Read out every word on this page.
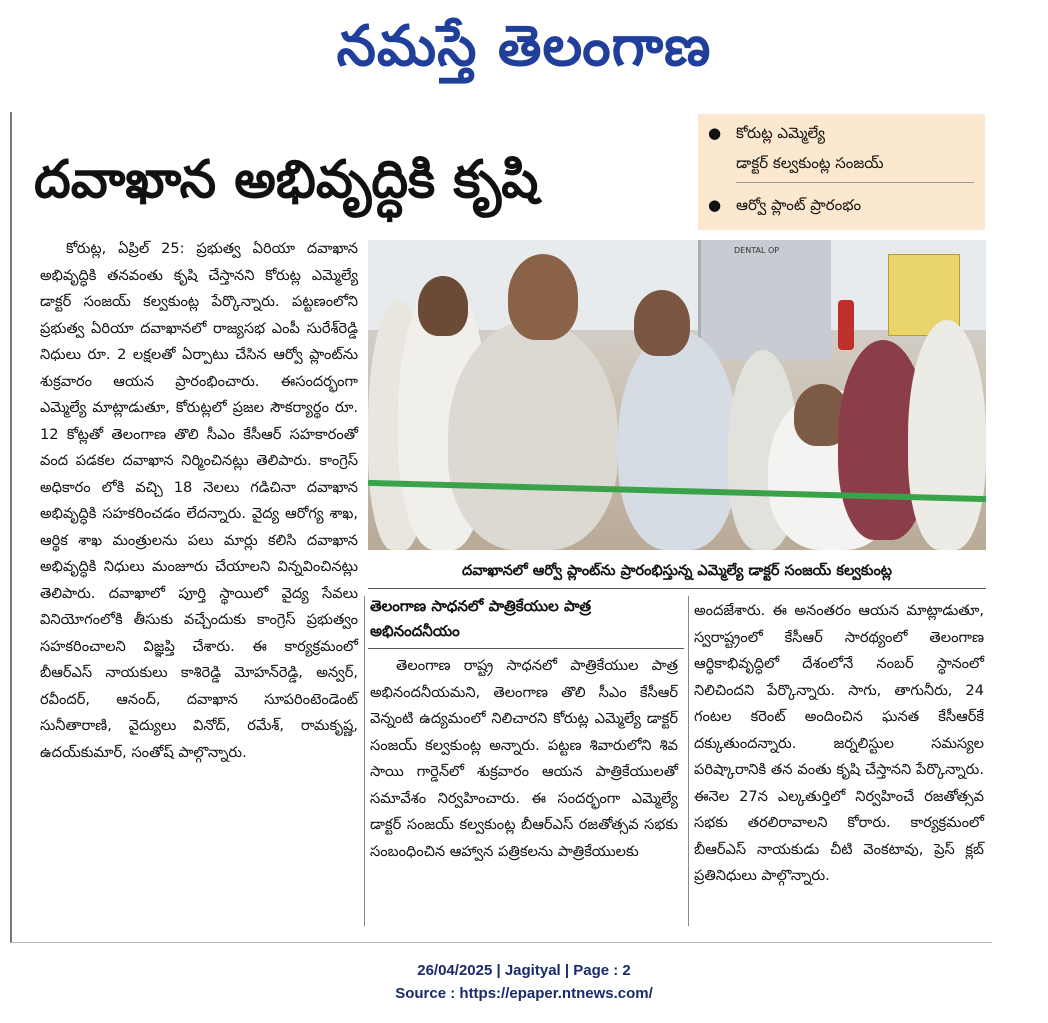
నమస్తే తెలంగాణ
దవాఖాన అభివృద్ధికి కృషి
● కోరుట్ల ఎమ్మెల్యే
డాక్టర్ కల్వకుంట్ల సంజయ్
● ఆర్వో ప్లాంట్ ప్రారంభం

కోరుట్ల, ఏప్రిల్ 25: ప్రభుత్వ ఏరియా దవాఖాన అభివృద్ధికి తనవంతు కృషి చేస్తానని కోరుట్ల ఎమ్మెల్యే డాక్టర్ సంజయ్ కల్వకుంట్ల పేర్కొన్నారు. పట్టణంలోని ప్రభుత్వ ఏరియా దవాఖానలో రాజ్యసభ ఎంపీ సురేశ్‌రెడ్డి నిధులు రూ. 2 లక్షలతో ఏర్పాటు చేసిన ఆర్వో ప్లాంట్‌ను శుక్రవారం ఆయన ప్రారంభించారు. ఈసందర్భంగా ఎమ్మెల్యే మాట్లాడుతూ, కోరుట్లలో ప్రజల సౌకర్యార్థం రూ. 12 కోట్లతో తెలంగాణ తొలి సీఎం కేసీఆర్ సహకారంతో వంద పడకల దవాఖాన నిర్మించినట్లు తెలిపారు. కాంగ్రెస్ అధికారం లోకి వచ్చి 18 నెలలు గడిచినా దవాఖాన అభివృద్ధికి సహకరించడం లేదన్నారు. వైద్య ఆరోగ్య శాఖ, ఆర్థిక శాఖ మంత్రులను పలు మార్లు కలిసి దవాఖాన అభివృద్ధికి నిధులు మంజూరు చేయాలని విన్నవించినట్లు తెలిపారు. దవాఖాలో పూర్తి స్థాయిలో వైద్య సేవలు వినియోగంలోకి తీసుకు వచ్చేందుకు కాంగ్రెస్ ప్రభుత్వం సహకరించాలని విజ్ఞప్తి చేశారు. ఈ కార్యక్రమంలో బీఆర్‌ఎస్ నాయకులు కాశిరెడ్డి మోహన్‌రెడ్డి, అన్వర్, రవీందర్, ఆనంద్, దవాఖాన సూపరింటెండెంట్ సునీతారాణి, వైద్యులు వినోద్, రమేశ్, రామకృష్ణ, ఉదయ్‌కుమార్, సంతోష్ పాల్గొన్నారు.

DENTAL OP
దవాఖానలో ఆర్వో ప్లాంట్‌ను ప్రారంభిస్తున్న ఎమ్మెల్యే డాక్టర్ సంజయ్ కల్వకుంట్ల
తెలంగాణ సాధనలో పాత్రికేయుల పాత్ర అభినందనీయం

తెలంగాణ రాష్ట్ర సాధనలో పాత్రికేయుల పాత్ర అభినందనీయమని, తెలంగాణ తొలి సీఎం కేసీఆర్ వెన్నంటి ఉద్యమంలో నిలిచారని కోరుట్ల ఎమ్మెల్యే డాక్టర్ సంజయ్ కల్వకుంట్ల అన్నారు. పట్టణ శివారులోని శివ సాయి గార్డెన్‌లో శుక్రవారం ఆయన పాత్రికేయులతో సమావేశం నిర్వహించారు. ఈ సందర్భంగా ఎమ్మెల్యే డాక్టర్ సంజయ్ కల్వకుంట్ల బీఆర్‌ఎస్ రజతోత్సవ సభకు సంబంధించిన ఆహ్వాన పత్రికలను పాత్రికేయులకు

అందజేశారు. ఈ అనంతరం ఆయన మాట్లాడుతూ, స్వరాష్ట్రంలో కేసీఆర్ సారథ్యంలో తెలంగాణ ఆర్థికాభివృద్ధిలో దేశంలోనే నంబర్ స్థానంలో నిలిచిందని పేర్కొన్నారు. సాగు, తాగునీరు, 24 గంటల కరెంట్ అందించిన ఘనత కేసీఆర్‌కే దక్కుతుందన్నారు. జర్నలిస్టుల సమస్యల పరిష్కారానికి తన వంతు కృషి చేస్తానని పేర్కొన్నారు. ఈనెల 27న ఎల్కతుర్తిలో నిర్వహించే రజతోత్సవ సభకు తరలిరావాలని కోరారు. కార్యక్రమంలో బీఆర్‌ఎస్ నాయకుడు చీటి వెంకటావు, ప్రెస్ క్లబ్ ప్రతినిధులు పాల్గొన్నారు.

26/04/2025 | Jagityal | Page : 2
Source : https://epaper.ntnews.com/
